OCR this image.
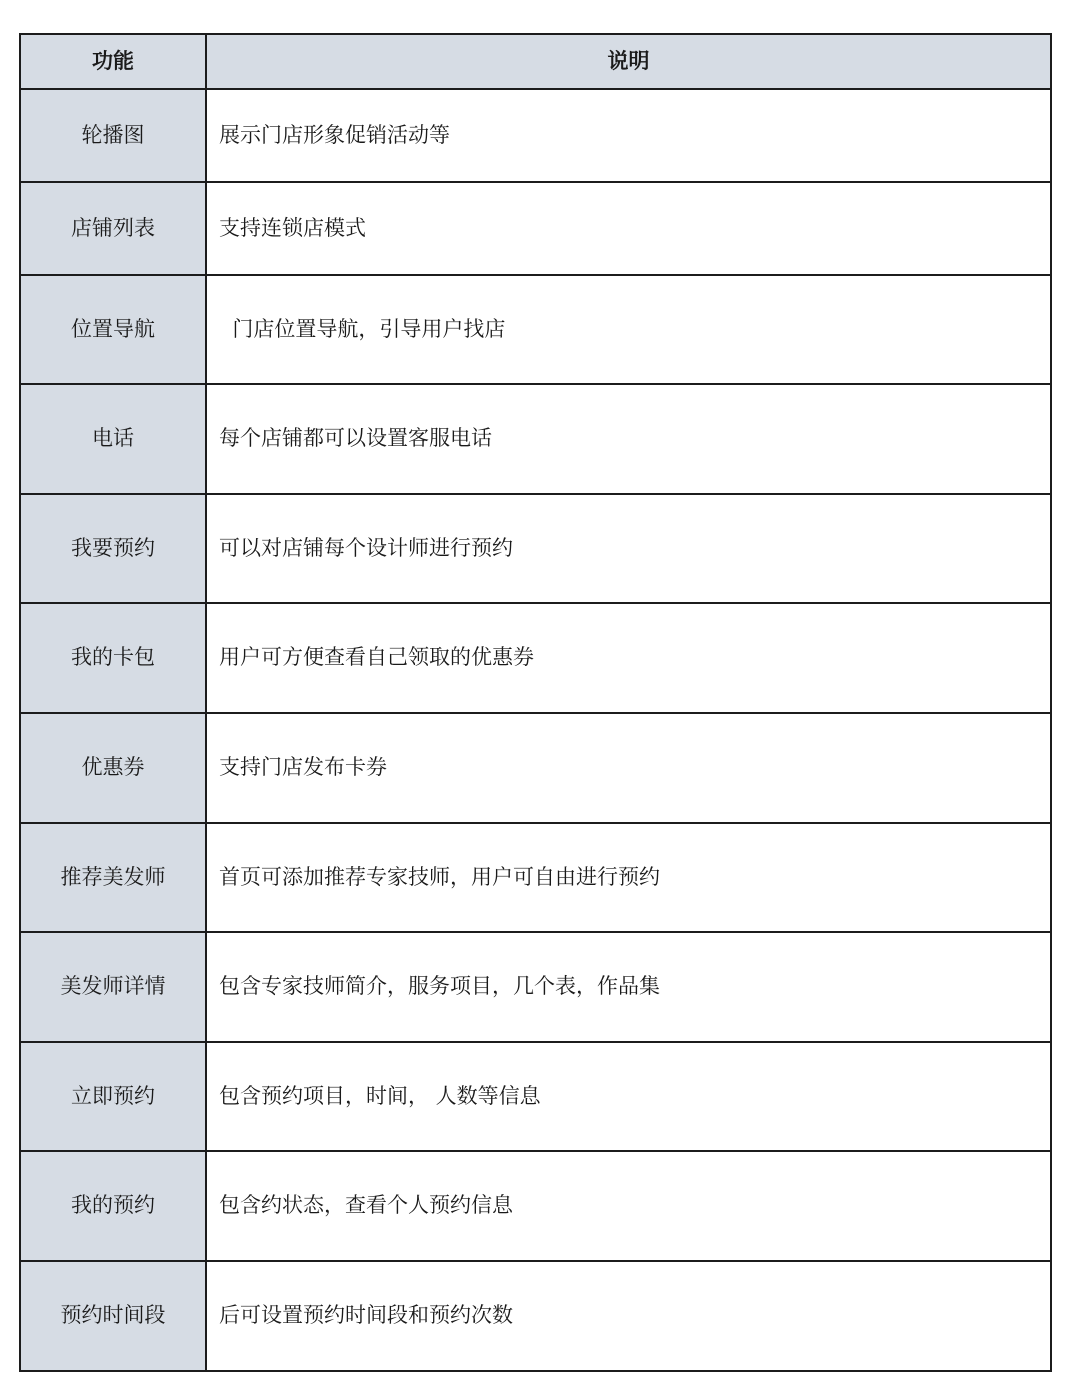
功能	说明
轮播图	展示门店形象促销活动等
店铺列表	支持连锁店模式
位置导航	门店位置导航，引导用户找店
电话	每个店铺都可以设置客服电话
我要预约	可以对店铺每个设计师进行预约
我的卡包	用户可方便查看自己领取的优惠券
优惠券	支持门店发布卡券
推荐美发师	首页可添加推荐专家技师，用户可自由进行预约
美发师详情	包含专家技师简介，服务项目，几个表，作品集
立即预约	包含预约项目，时间， 人数等信息
我的预约	包含约状态，查看个人预约信息
预约时间段	后可设置预约时间段和预约次数
